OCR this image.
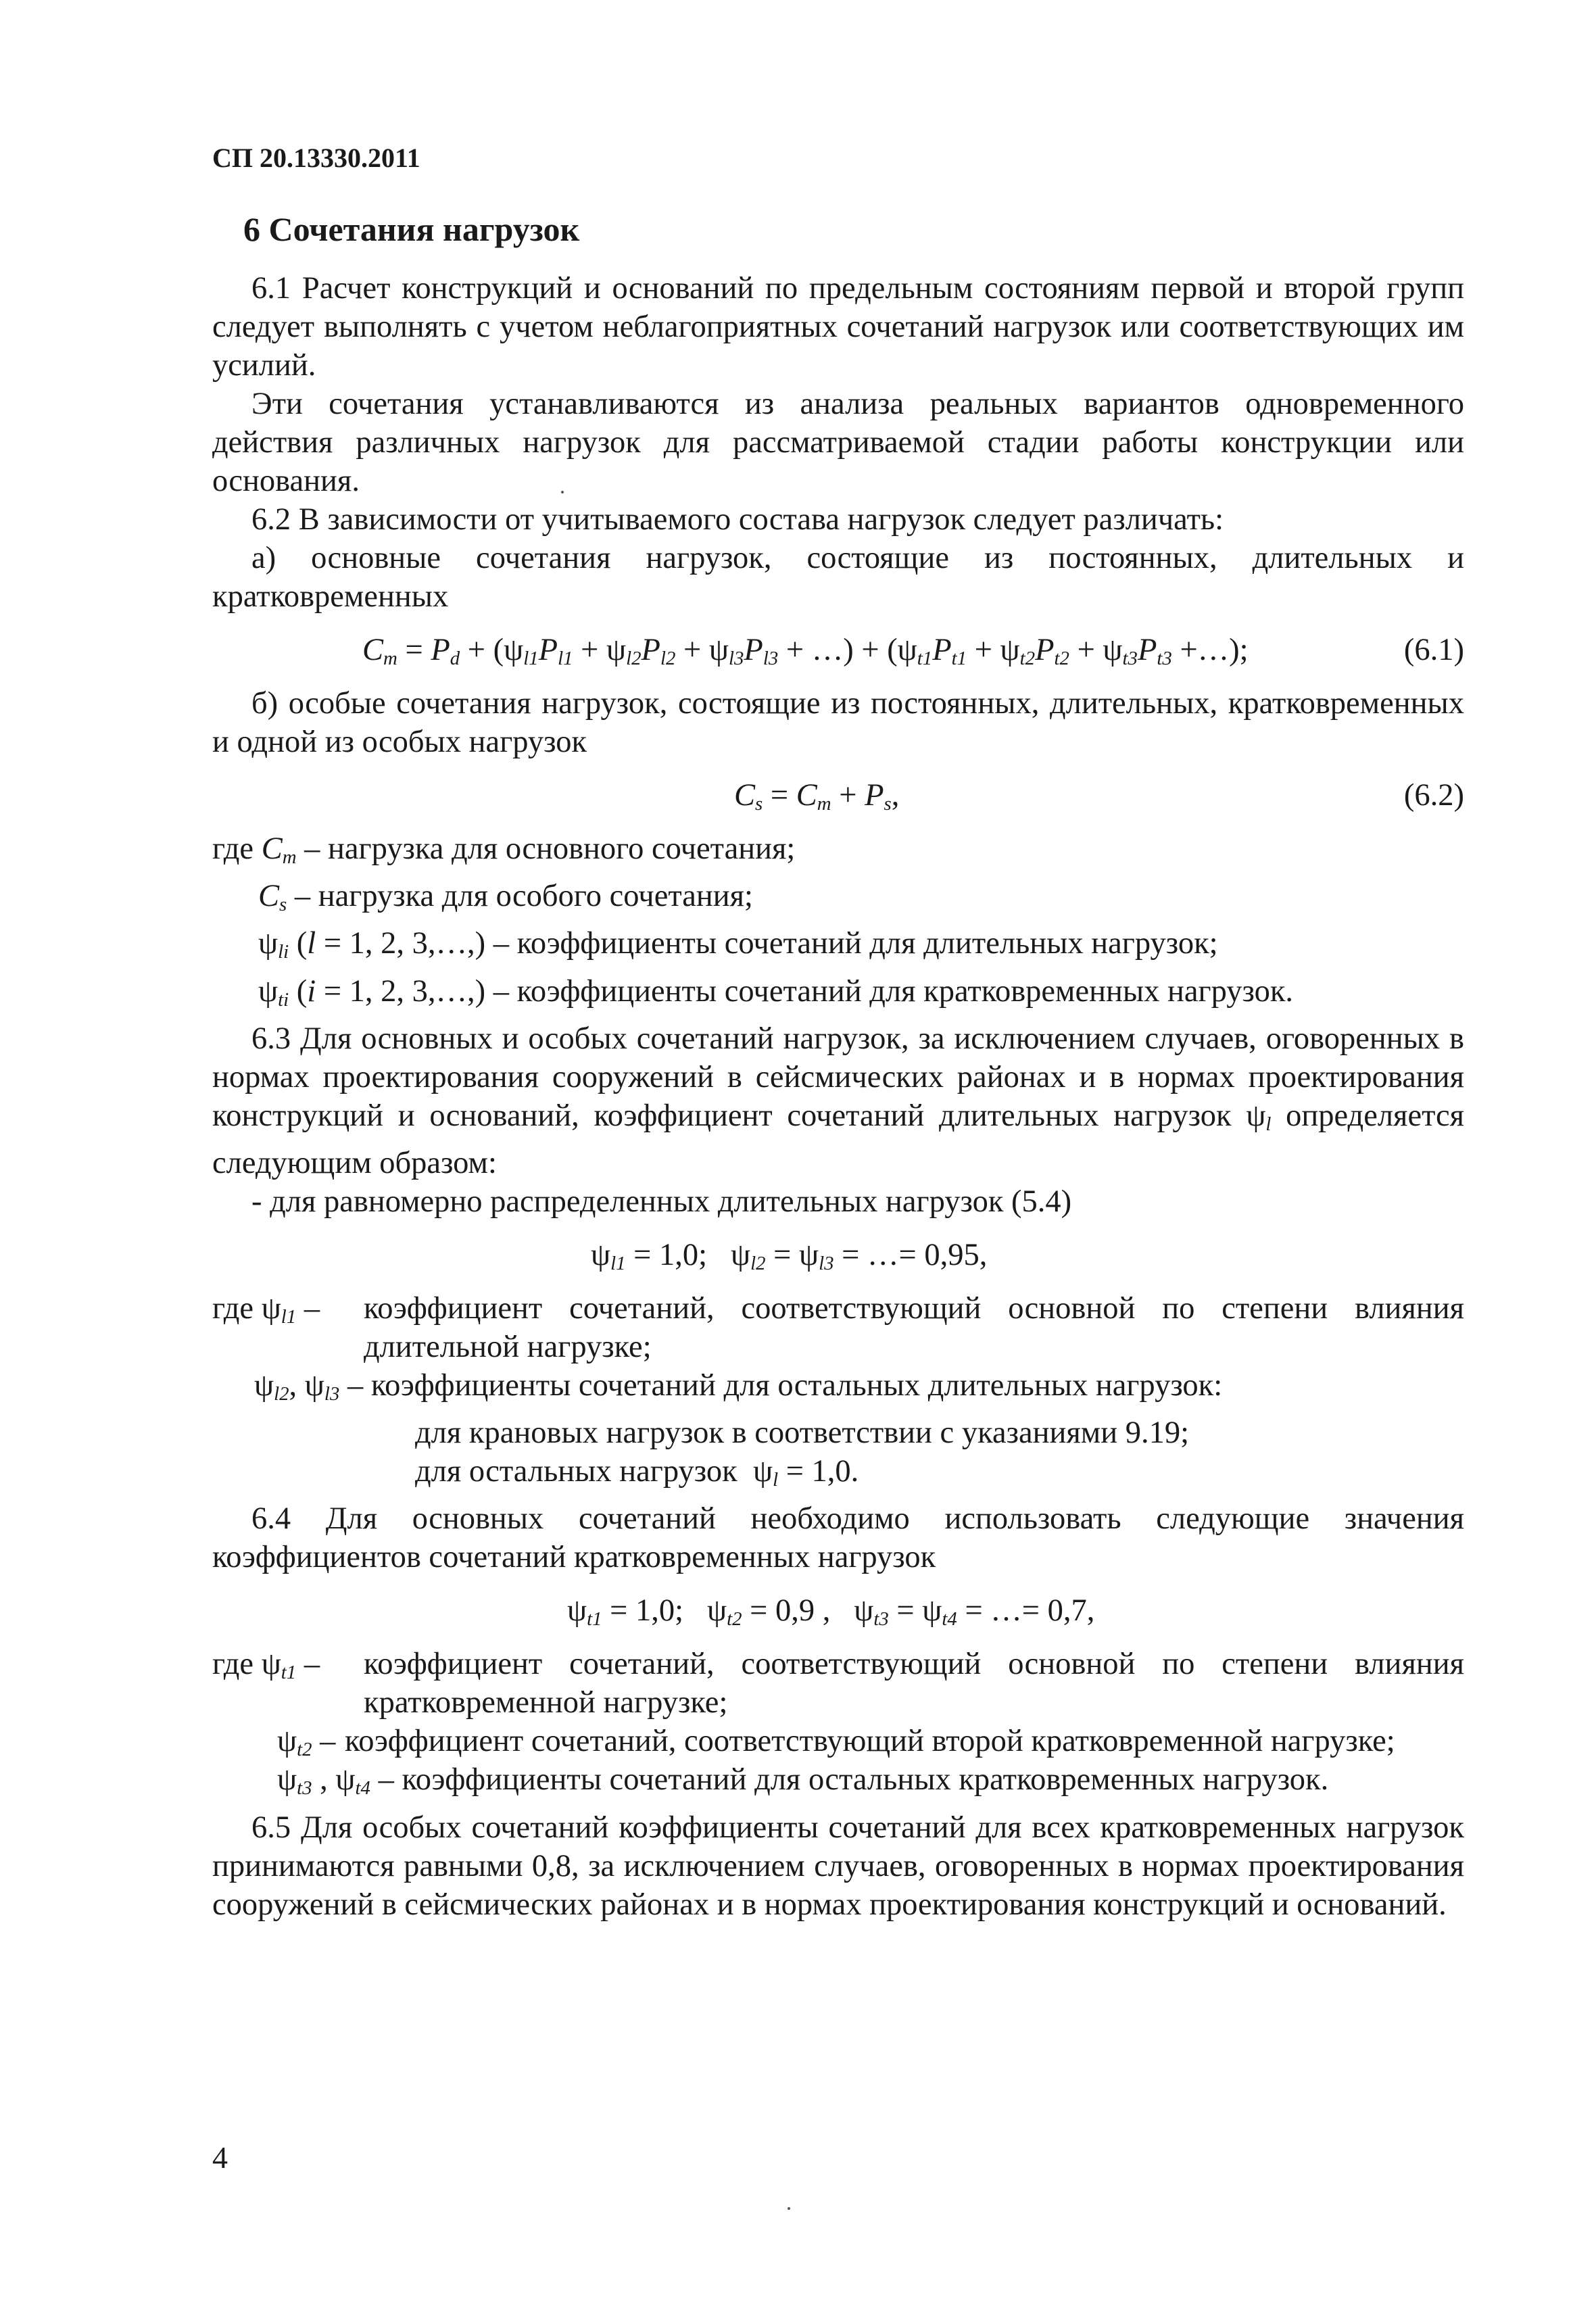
СП 20.13330.2011
6 Сочетания нагрузок

6.1 Расчет конструкций и оснований по предельным состояниям первой и второй групп следует выполнять с учетом неблагоприятных сочетаний нагрузок или соответствующих им усилий.

Эти сочетания устанавливаются из анализа реальных вариантов одновременного действия различных нагрузок для рассматриваемой стадии работы конструкции или основания.

6.2 В зависимости от учитываемого состава нагрузок следует различать:

а) основные сочетания нагрузок, состоящие из постоянных, длительных и кратковременных

$C_m = P_d + (\psi_{l1}P_{l1} + \psi_{l2}P_{l2} + \psi_{l3}P_{l3}$ + …) + ($\psi_{t1}P_{t1} + \psi_{t2}P_{t2} + \psi_{t3}P_{t3}$ +…);	(6.1)

б) особые сочетания нагрузок, состоящие из постоянных, длительных, кратковременных и одной из особых нагрузок

$C_s = C_m + P_s$,	(6.2)

где $C_m$ – нагрузка для основного сочетания;

$C_s$ – нагрузка для особого сочетания;

$\psi_{li}$ (l = 1, 2, 3,…,) – коэффициенты сочетаний для длительных нагрузок;

$\psi_{ti}$ (i = 1, 2, 3,…,) – коэффициенты сочетаний для кратковременных нагрузок.

6.3 Для основных и особых сочетаний нагрузок, за исключением случаев, оговоренных в нормах проектирования сооружений в сейсмических районах и в нормах проектирования конструкций и оснований, коэффициент сочетаний длительных нагрузок $\psi_l$ определяется следующим образом:

- для равномерно распределенных длительных нагрузок (5.4)

$\psi_{l1} = 1,0$;   $\psi_{l2} = \psi_{l3}$ = …= 0,95,
где $\psi_{l1}$ –	коэффициент сочетаний, соответствующий основной по степени влияния длительной нагрузке;

$\psi_{l2}$, $\psi_{l3}$ – коэффициенты сочетаний для остальных длительных нагрузок:

для крановых нагрузок в соответствии с указаниями 9.19;

для остальных нагрузок  $\psi_l = 1,0$.

6.4 Для основных сочетаний необходимо использовать следующие значения коэффициентов сочетаний кратковременных нагрузок

$\psi_{t1} = 1,0$;   $\psi_{t2} = 0,9$ ,   $\psi_{t3} = \psi_{t4}$ = …= 0,7,
где $\psi_{t1}$ –	коэффициент сочетаний, соответствующий основной по степени влияния кратковременной нагрузке;

$\psi_{t2}$ – коэффициент сочетаний, соответствующий второй кратковременной нагрузке;

$\psi_{t3}$ , $\psi_{t4}$ – коэффициенты сочетаний для остальных кратковременных нагрузок.

6.5 Для особых сочетаний коэффициенты сочетаний для всех кратковременных нагрузок принимаются равными 0,8, за исключением случаев, оговоренных в нормах проектирования сооружений в сейсмических районах и в нормах проектирования конструкций и оснований.

4
